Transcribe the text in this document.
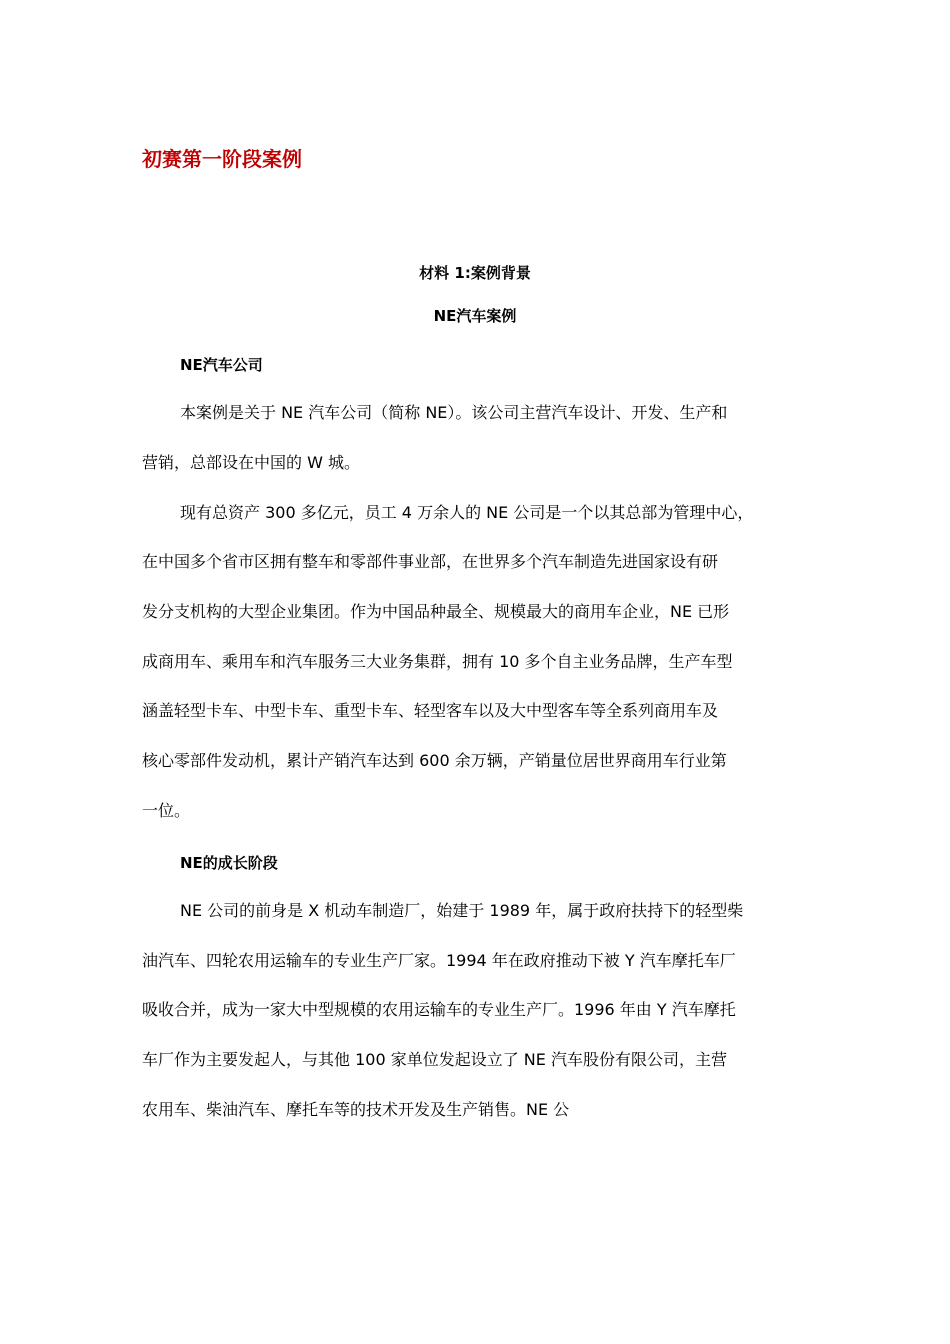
初赛第一阶段案例
材料 1:案例背景
NE汽车案例
NE汽车公司
本案例是关于 NE 汽车公司（简称 NE）。该公司主营汽车设计、开发、生产和
营销，总部设在中国的 W 城。
现有总资产 300 多亿元，员工 4 万余人的 NE 公司是一个以其总部为管理中心，
在中国多个省市区拥有整车和零部件事业部，在世界多个汽车制造先进国家设有研
发分支机构的大型企业集团。作为中国品种最全、规模最大的商用车企业，NE 已形
成商用车、乘用车和汽车服务三大业务集群，拥有 10 多个自主业务品牌，生产车型
涵盖轻型卡车、中型卡车、重型卡车、轻型客车以及大中型客车等全系列商用车及
核心零部件发动机，累计产销汽车达到 600 余万辆，产销量位居世界商用车行业第
一位。
NE的成长阶段
NE 公司的前身是 X 机动车制造厂，始建于 1989 年，属于政府扶持下的轻型柴
油汽车、四轮农用运输车的专业生产厂家。1994 年在政府推动下被 Y 汽车摩托车厂
吸收合并，成为一家大中型规模的农用运输车的专业生产厂。1996 年由 Y 汽车摩托
车厂作为主要发起人，与其他 100 家单位发起设立了 NE 汽车股份有限公司，主营
农用车、柴油汽车、摩托车等的技术开发及生产销售。NE 公
